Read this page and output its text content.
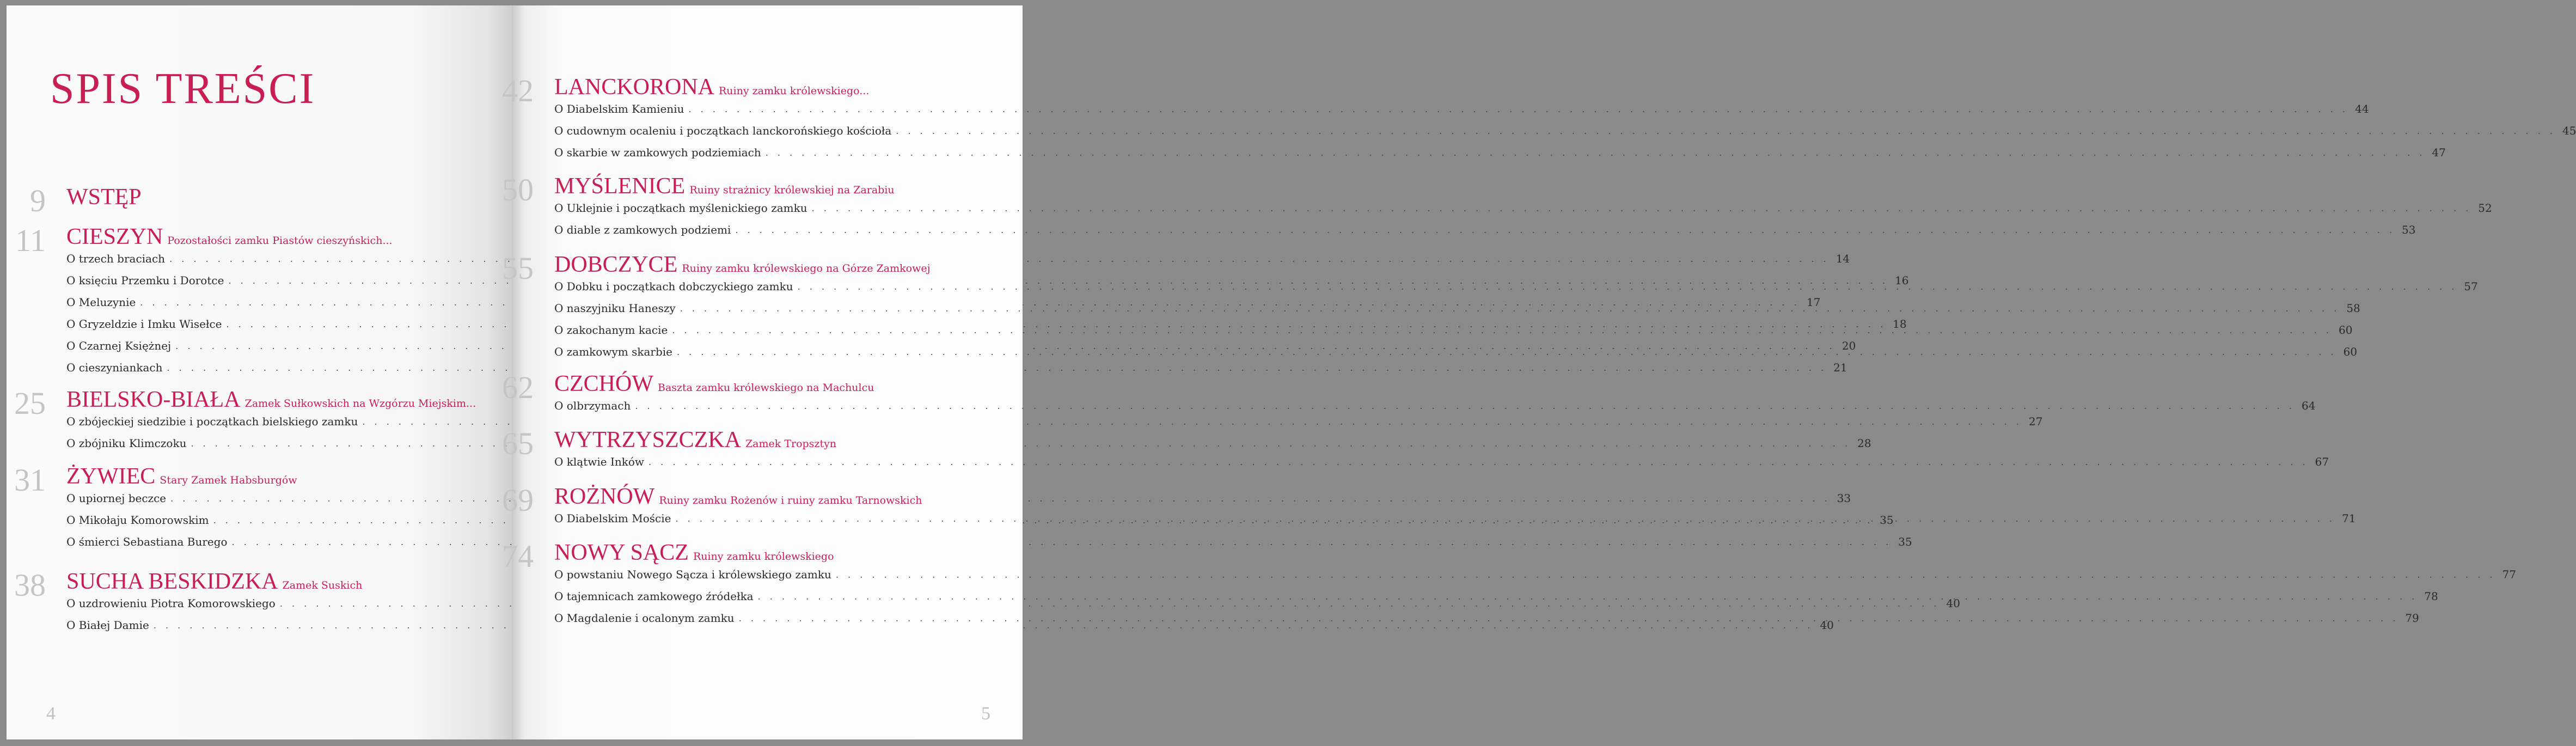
SPIS TREŚCI
9 WSTĘP
11 CIESZYN Pozostałości zamku Piastów cieszyńskich...
O trzech braciach . . .	14
O księciu Przemku i Dorotce . . .	16
O Meluzynie . . .	17
O Gryzeldzie i Imku Wisełce . . .	18
O Czarnej Księżnej . . .	20
O cieszyniankach . . .	21
25 BIELSKO-BIAŁA Zamek Sułkowskich na Wzgórzu Miejskim...
O zbójeckiej siedzibie i początkach bielskiego zamku . . .	27
O zbójniku Klimczoku . . .	28
31 ŻYWIEC Stary Zamek Habsburgów
O upiornej beczce . . .	33
O Mikołaju Komorowskim . . .	35
O śmierci Sebastiana Burego . . .	35
38 SUCHA BESKIDZKA Zamek Suskich
O uzdrowieniu Piotra Komorowskiego . . .	40
O Białej Damie . . .	40
4
42 LANCKORONA Ruiny zamku królewskiego...
O Diabelskim Kamieniu . . .	44
O cudownym ocaleniu i początkach lanckorońskiego kościoła . . .	45
O skarbie w zamkowych podziemiach . . .	47
50 MYŚLENICE Ruiny strażnicy królewskiej na Zarabiu
O Uklejnie i początkach myślenickiego zamku . . .	52
O diable z zamkowych podziemi . . .	53
55 DOBCZYCE Ruiny zamku królewskiego na Górze Zamkowej
O Dobku i początkach dobczyckiego zamku . . .	57
O naszyjniku Haneszy . . .	58
O zakochanym kacie . . .	60
O zamkowym skarbie . . .	60
62 CZCHÓW Baszta zamku królewskiego na Machulcu
O olbrzymach . . .	64
65 WYTRZYSZCZKA Zamek Tropsztyn
O klątwie Inków . . .	67
69 ROŻNÓW Ruiny zamku Rożenów i ruiny zamku Tarnowskich
O Diabelskim Moście . . .	71
74 NOWY SĄCZ Ruiny zamku królewskiego
O powstaniu Nowego Sącza i królewskiego zamku . . .	77
O tajemnicach zamkowego źródełka . . .	78
O Magdalenie i ocalonym zamku . . .	79
5
